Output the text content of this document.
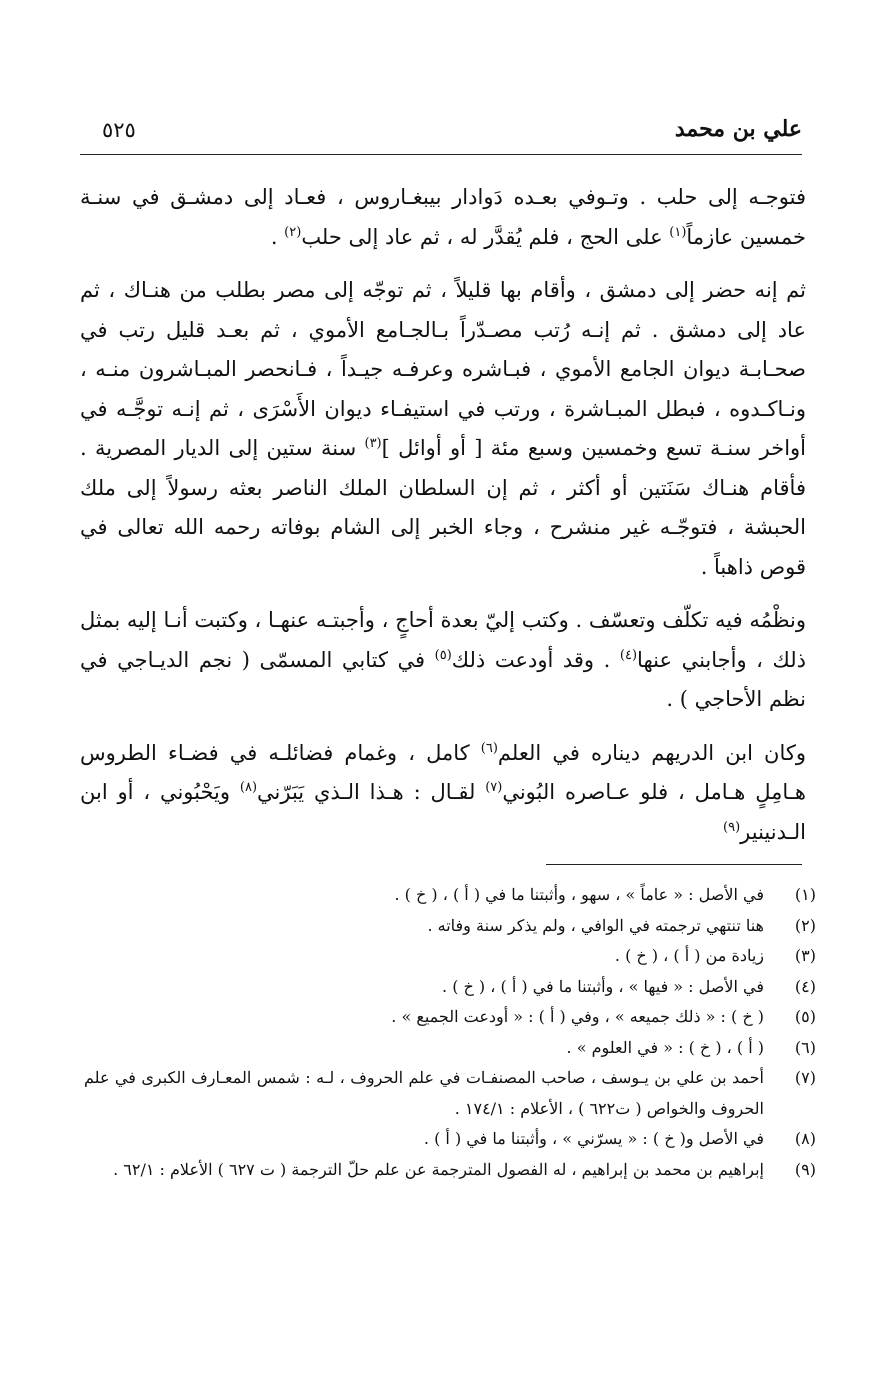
علي بن محمد
٥٢٥

فتوجـه إلى حلب . وتـوفي بعـده دَوادار بيبغـاروس ، فعـاد إلى دمشـق في سنـة خمسين عازماً$^{(١)}$ على الحج ، فلم يُقدَّر له ، ثم عاد إلى حلب$^{(٢)}$ .

ثم إنه حضر إلى دمشق ، وأقام بها قليلاً ، ثم توجّه إلى مصر بطلب من هنـاك ، ثم عاد إلى دمشق . ثم إنـه رُتب مصـدّراً بـالجـامع الأموي ، ثم بعـد قليل رتب في صحـابـة ديوان الجامع الأموي ، فبـاشره وعرفـه جيـداً ، فـانحصر المبـاشرون منـه ، ونـاكـدوه ، فبطل المبـاشرة ، ورتب في استيفـاء ديوان الأَسْرَى ، ثم إنـه توجَّـه في أواخر سنـة تسع وخمسين وسبع مئة [ أو أوائل ]$^{(٣)}$ سنة ستين إلى الديار المصرية . فأقام هنـاك سَنَتين أو أكثر ، ثم إن السلطان الملك الناصر بعثه رسولاً إلى ملك الحبشة ، فتوجّـه غير منشرح ، وجاء الخبر إلى الشام بوفاته رحمه الله تعالى في قوص ذاهباً .

ونظْمُه فيه تكلّف وتعسّف . وكتب إليّ بعدة أحاجٍ ، وأجبتـه عنهـا ، وكتبت أنـا إليه بمثل ذلك ، وأجابني عنها$^{(٤)}$ . وقد أودعت ذلك$^{(٥)}$ في كتابي المسمّى ( نجم الديـاجي في نظم الأحاجي ) .

وكان ابن الدريهم ديناره في العلم$^{(٦)}$ كامل ، وغمام فضائلـه في فضـاء الطروس هـامِلٍ هـامل ، فلو عـاصره البُوني$^{(٧)}$ لقـال : هـذا الـذي يَبَرّني$^{(٨)}$ ويَحْبُوني ، أو ابن الـدنينير$^{(٩)}$

(١)
في الأصل : « عاماً » ، سهو ، وأثبتنا ما في ( أ ) ، ( خ ) .
(٢)
هنا تنتهي ترجمته في الوافي ، ولم يذكر سنة وفاته .
(٣)
زيادة من ( أ ) ، ( خ ) .
(٤)
في الأصل : « فيها » ، وأثبتنا ما في ( أ ) ، ( خ ) .
(٥)
( خ ) : « ذلك جميعه » ، وفي ( أ ) : « أودعت الجميع » .
(٦)
( أ ) ، ( خ ) : « في العلوم » .
(٧)
أحمد بن علي بن يـوسف ، صاحب المصنفـات في علم الحروف ، لـه : شمس المعـارف الكبرى في علم الحروف والخواص ( ت٦٢٢ ) ، الأعلام : ١٧٤/١ .
(٨)
في الأصل و( خ ) : « يسرّني » ، وأثبتنا ما في ( أ ) .
(٩)
إبراهيم بن محمد بن إبراهيم ، له الفصول المترجمة عن علم حلّ الترجمة ( ت ٦٢٧ ) الأعلام : ٦٢/١ .
